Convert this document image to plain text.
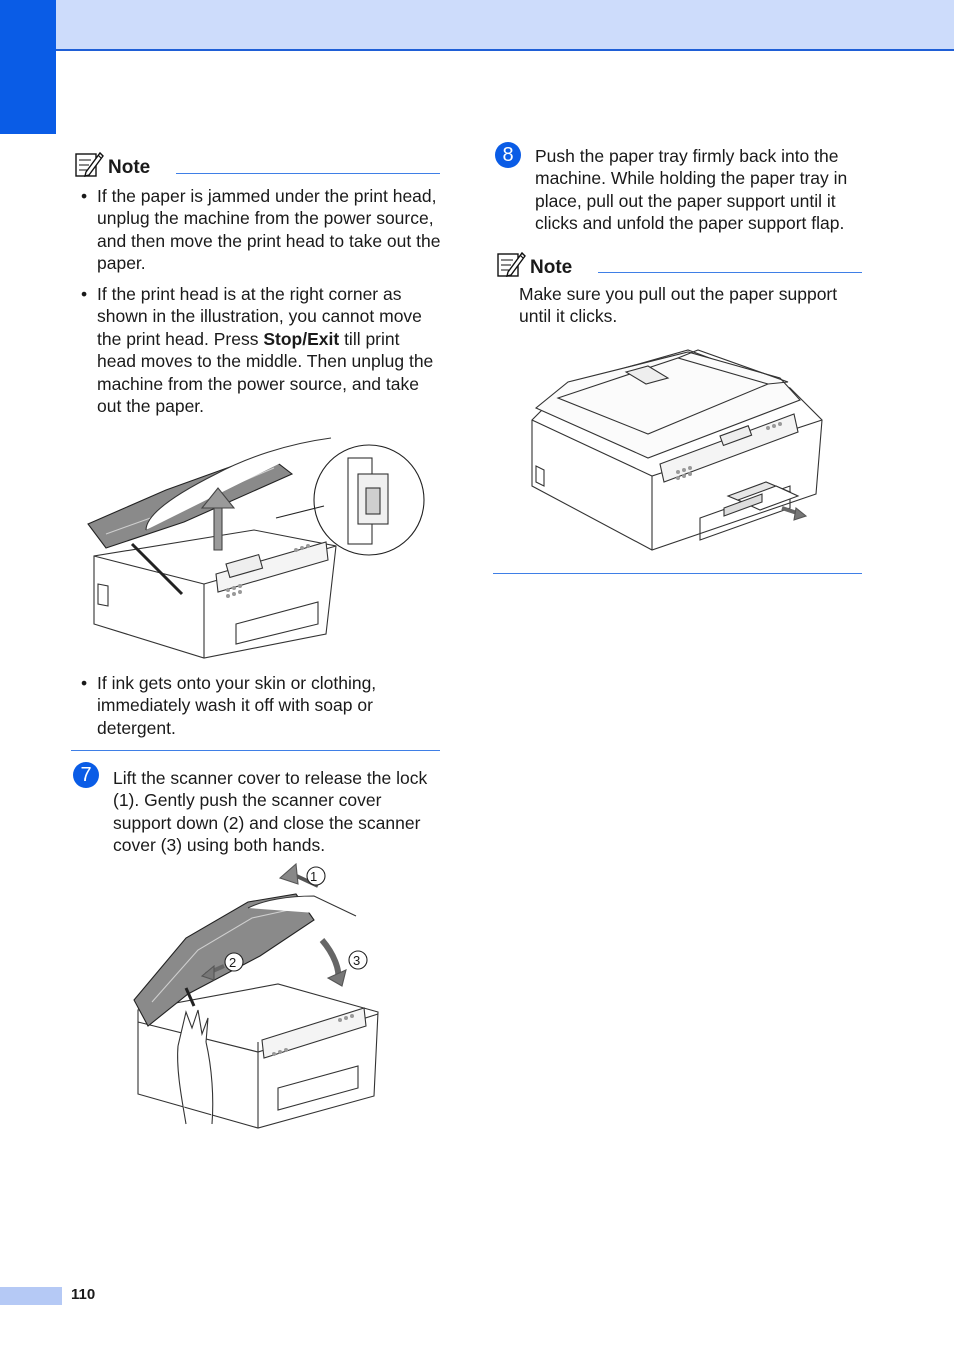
Note
• If the paper is jammed under the print head, unplug the machine from the power source, and then move the print head to take out the paper.
• If the print head is at the right corner as shown in the illustration, you cannot move the print head. Press Stop/Exit till print head moves to the middle. Then unplug the machine from the power source, and take out the paper.
• If ink gets onto your skin or clothing, immediately wash it off with soap or detergent.
7	Lift the scanner cover to release the lock (1). Gently push the scanner cover support down (2) and close the scanner cover (3) using both hands.
1
2	3
8	Push the paper tray firmly back into the machine. While holding the paper tray in place, pull out the paper support until it clicks and unfold the paper support flap.
Note
Make sure you pull out the paper support until it clicks.
110
